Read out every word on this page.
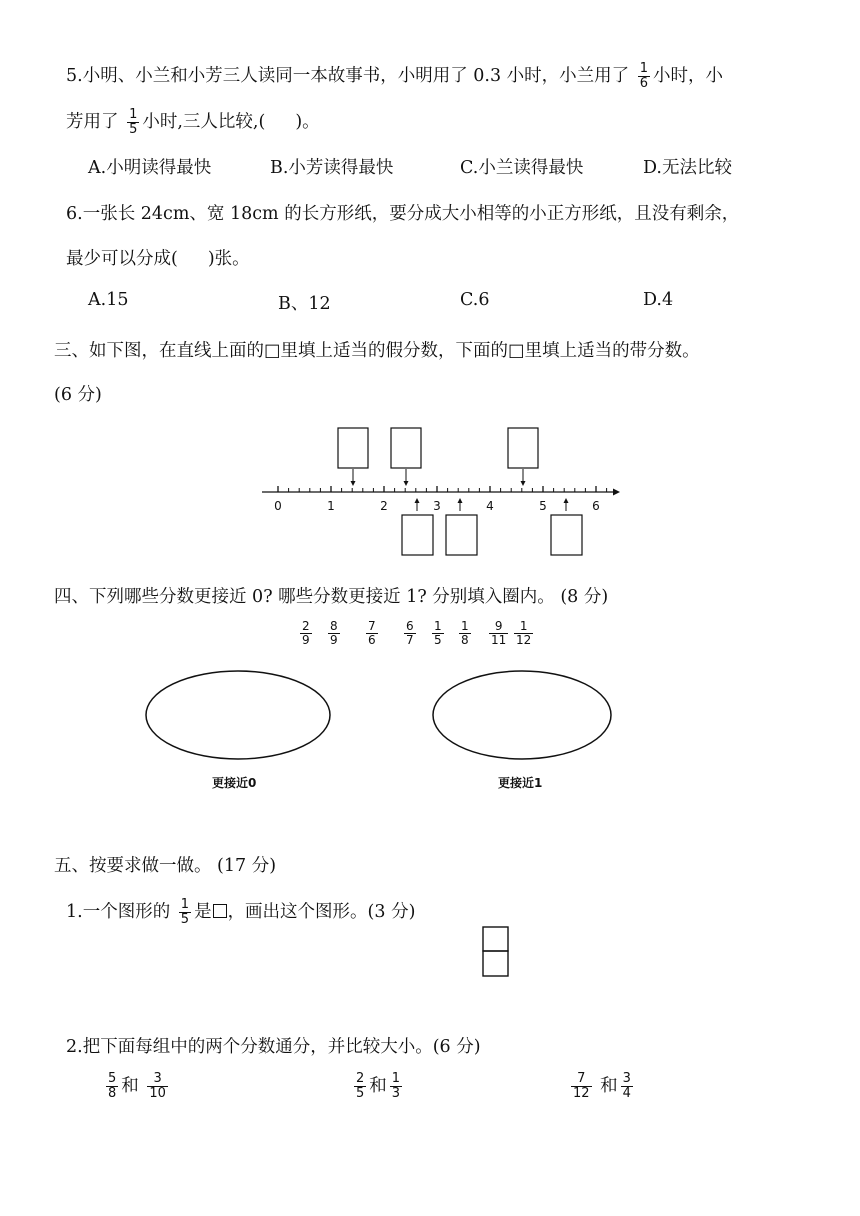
5.小明、小兰和小芳三人读同一本故事书，小明用了 0.3 小时，小兰用了 $\frac{1}{6}$ 小时，小
芳用了 $\frac{1}{5}$ 小时,三人比较,( )。
A.小明读得最快	B.小芳读得最快	C.小兰读得最快	D.无法比较
6.一张长 24cm、宽 18cm 的长方形纸，要分成大小相等的小正方形纸，且没有剩余，
最少可以分成( )张。
A.15	B、12	C.6	D.4
三、如下图，在直线上面的□里填上适当的假分数，下面的□里填上适当的带分数。
(6 分)
0	1	2	3	4	5	6
四、下列哪些分数更接近 0? 哪些分数更接近 1? 分别填入圈内。 (8 分)
$\frac{2}{9} \frac{8}{9} \frac{7}{6} \frac{6}{7} \frac{1}{5} \frac{1}{8} \frac{9}{11} \frac{1}{12}$
更接近0	更接近1
五、按要求做一做。 (17 分)
1.一个图形的 $\frac{1}{5}$ 是 ，画出这个图形。(3 分)
2.把下面每组中的两个分数通分，并比较大小。(6 分)
$\frac{5}{8}$ 和 $\frac{3}{10}$	$\frac{2}{5}$ 和 $\frac{1}{3}$	$\frac{7}{12}$ 和 $\frac{3}{4}$
